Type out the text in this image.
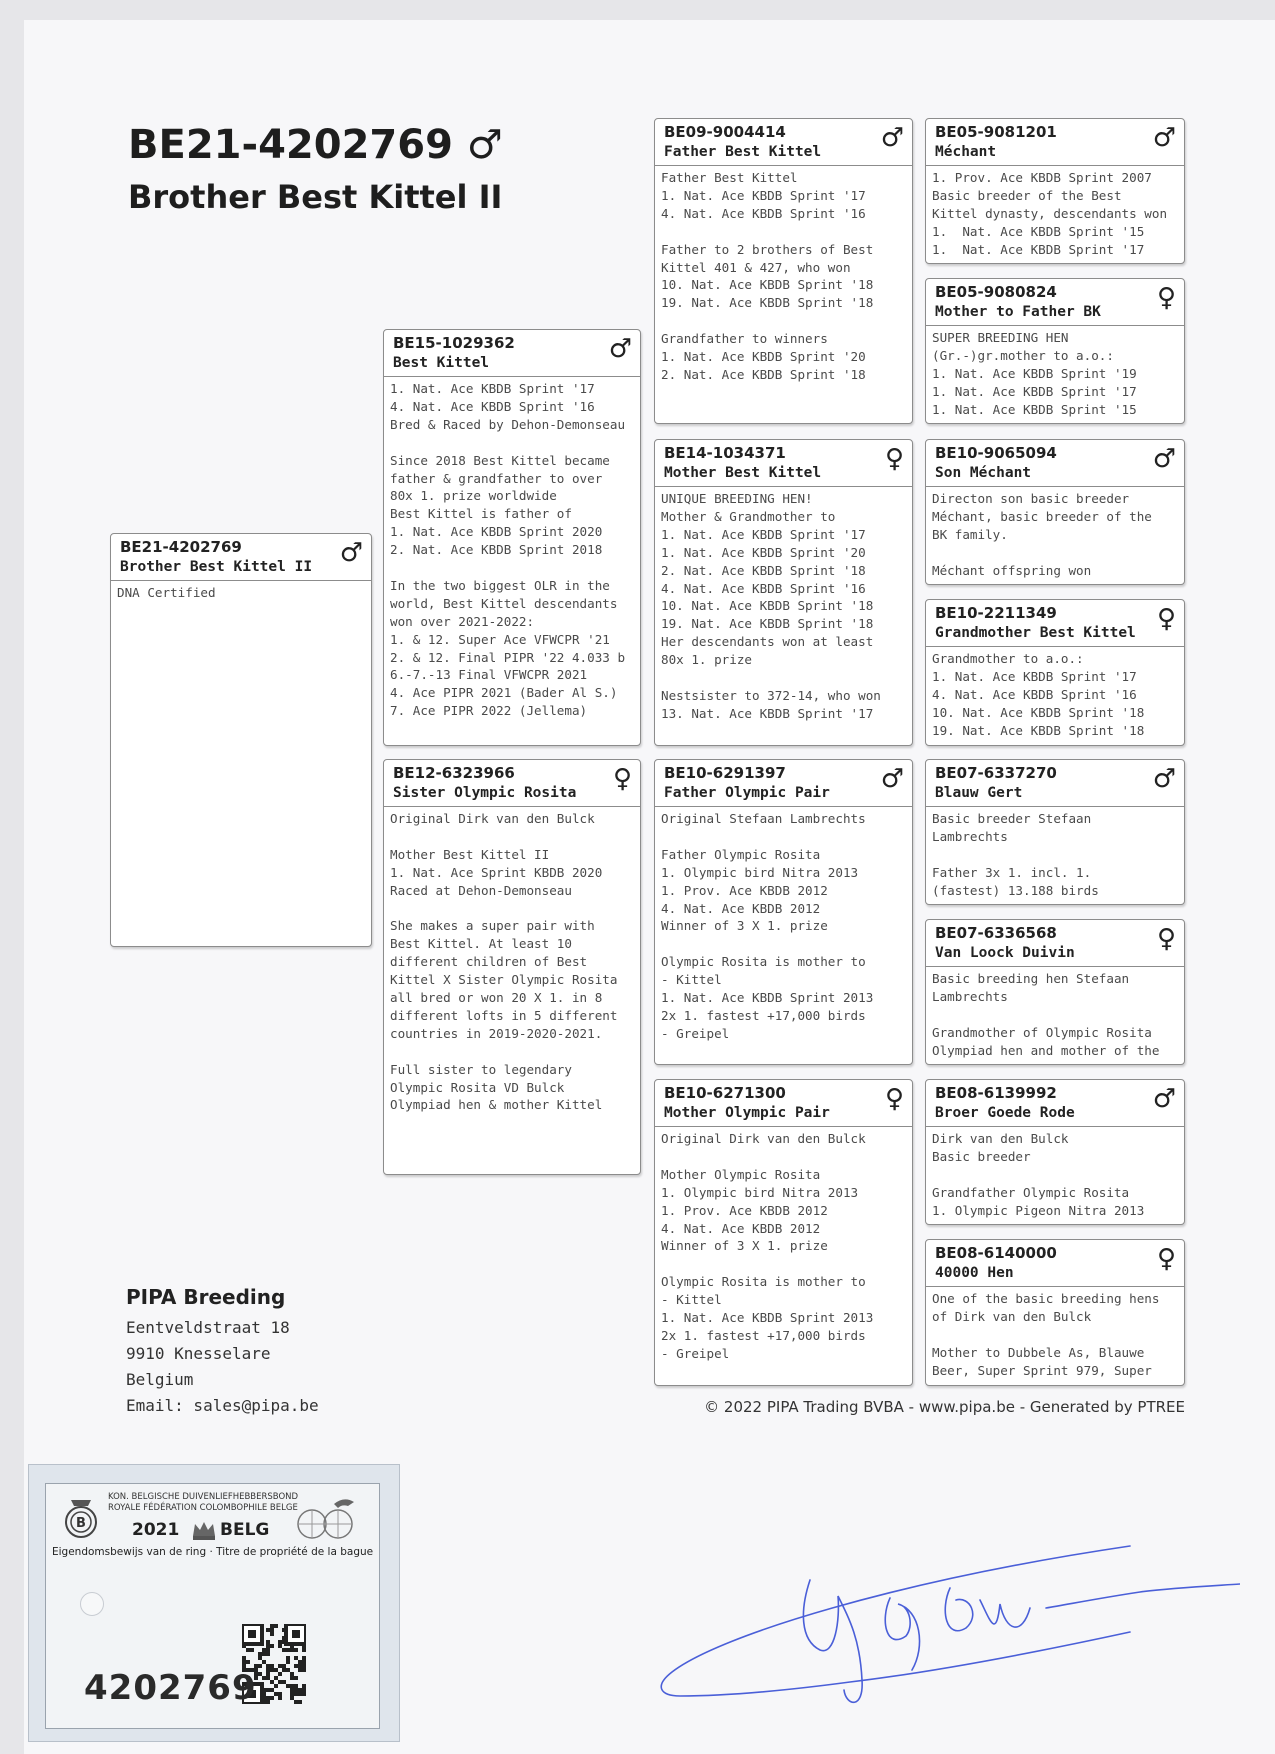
BE21-4202769 ♂
Brother Best Kittel II
BE21-4202769
Brother Best Kittel II ♂
DNA Certified
BE15-1029362
Best Kittel	♂
1. Nat. Ace KBDB Sprint '17
4. Nat. Ace KBDB Sprint '16
Bred & Raced by Dehon-Demonseau
Since 2018 Best Kittel became
father & grandfather to over
80x 1. prize worldwide
Best Kittel is father of
1. Nat. Ace KBDB Sprint 2020
2. Nat. Ace KBDB Sprint 2018
In the two biggest OLR in the
world, Best Kittel descendants
won over 2021-2022:
1. & 12. Super Ace VFWCPR '21
2. & 12. Final PIPR '22 4.033 b
6.-7.-13 Final VFWCPR 2021
4. Ace PIPR 2021 (Bader Al S.)
7. Ace PIPR 2022 (Jellema)
BE12-6323966
Sister Olympic Rosita ♀
Original Dirk van den Bulck
Mother Best Kittel II
1. Nat. Ace Sprint KBDB 2020
Raced at Dehon-Demonseau
She makes a super pair with
Best Kittel. At least 10
different children of Best
Kittel X Sister Olympic Rosita
all bred or won 20 X 1. in 8
different lofts in 5 different
countries in 2019-2020-2021.
Full sister to legendary
Olympic Rosita VD Bulck
Olympiad hen & mother Kittel
BE09-9004414
Father Best Kittel ♂
Father Best Kittel
1. Nat. Ace KBDB Sprint '17
4. Nat. Ace KBDB Sprint '16
Father to 2 brothers of Best
Kittel 401 & 427, who won
10. Nat. Ace KBDB Sprint '18
19. Nat. Ace KBDB Sprint '18
Grandfather to winners
1. Nat. Ace KBDB Sprint '20
2. Nat. Ace KBDB Sprint '18
BE14-1034371
Mother Best Kittel ♀
UNIQUE BREEDING HEN!
Mother & Grandmother to
1. Nat. Ace KBDB Sprint '17
1. Nat. Ace KBDB Sprint '20
2. Nat. Ace KBDB Sprint '18
4. Nat. Ace KBDB Sprint '16
10. Nat. Ace KBDB Sprint '18
19. Nat. Ace KBDB Sprint '18
Her descendants won at least
80x 1. prize
Nestsister to 372-14, who won
13. Nat. Ace KBDB Sprint '17
BE10-6291397
Father Olympic Pair ♂
Original Stefaan Lambrechts
Father Olympic Rosita
1. Olympic bird Nitra 2013
1. Prov. Ace KBDB 2012
4. Nat. Ace KBDB 2012
Winner of 3 X 1. prize
Olympic Rosita is mother to
- Kittel
1. Nat. Ace KBDB Sprint 2013
2x 1. fastest +17,000 birds
- Greipel
BE10-6271300
Mother Olympic Pair ♀
Original Dirk van den Bulck
Mother Olympic Rosita
1. Olympic bird Nitra 2013
1. Prov. Ace KBDB 2012
4. Nat. Ace KBDB 2012
Winner of 3 X 1. prize
Olympic Rosita is mother to
- Kittel
1. Nat. Ace KBDB Sprint 2013
2x 1. fastest +17,000 birds
- Greipel
BE05-9081201
Méchant	♂
1. Prov. Ace KBDB Sprint 2007
Basic breeder of the Best
Kittel dynasty, descendants won
1.  Nat. Ace KBDB Sprint '15
1.  Nat. Ace KBDB Sprint '17
BE05-9080824
Mother to Father BK ♀
SUPER BREEDING HEN
(Gr.-)gr.mother to a.o.:
1. Nat. Ace KBDB Sprint '19
1. Nat. Ace KBDB Sprint '17
1. Nat. Ace KBDB Sprint '15
BE10-9065094
Son Méchant	♂
Directon son basic breeder
Méchant, basic breeder of the
BK family.
Méchant offspring won
BE10-2211349
Grandmother Best Kittel ♀
Grandmother to a.o.:
1. Nat. Ace KBDB Sprint '17
4. Nat. Ace KBDB Sprint '16
10. Nat. Ace KBDB Sprint '18
19. Nat. Ace KBDB Sprint '18
BE07-6337270
Blauw Gert	♂
Basic breeder Stefaan
Lambrechts
Father 3x 1. incl. 1.
(fastest) 13.188 birds
BE07-6336568
Van Loock Duivin	♀
Basic breeding hen Stefaan
Lambrechts
Grandmother of Olympic Rosita
Olympiad hen and mother of the
BE08-6139992
Broer Goede Rode	♂
Dirk van den Bulck
Basic breeder
Grandfather Olympic Rosita
1. Olympic Pigeon Nitra 2013
BE08-6140000
40000 Hen	♀
One of the basic breeding hens
of Dirk van den Bulck
Mother to Dubbele As, Blauwe
Beer, Super Sprint 979, Super
PIPA Breeding
Eentveldstraat 18
9910 Knesselare
Belgium
Email: sales@pipa.be	© 2022 PIPA Trading BVBA - www.pipa.be - Generated by PTREE
B
KON. BELGISCHE DUIVENLIEFHEBBERSBOND
ROYALE FÉDÉRATION COLOMBOPHILE BELGE
2021 BELG
Eigendomsbewijs van de ring · Titre de propriété de la bague
4202769
